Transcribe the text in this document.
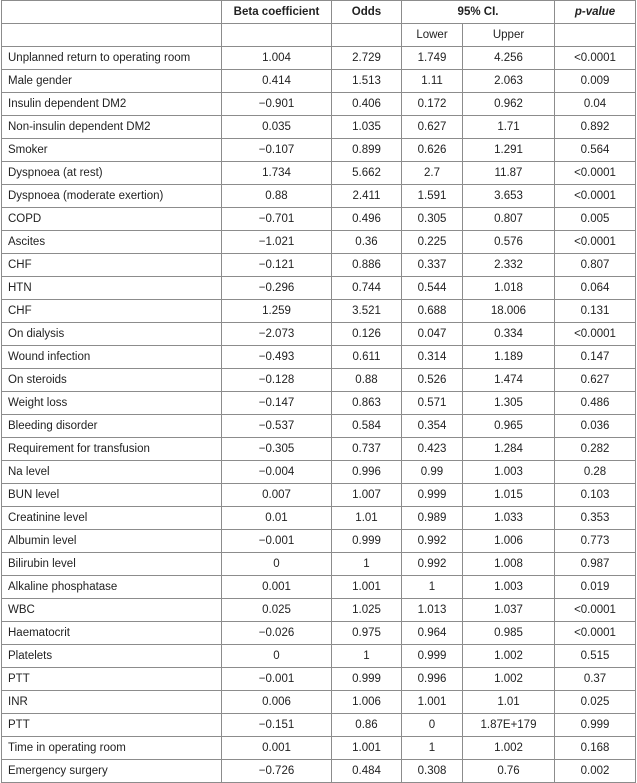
	Beta coefficient	Odds	95% CI.		p-value
			Lower	Upper	
Unplanned return to operating room	1.004	2.729	1.749	4.256	<0.0001
Male gender	0.414	1.513	1.11	2.063	0.009
Insulin dependent DM2	−0.901	0.406	0.172	0.962	0.04
Non-insulin dependent DM2	0.035	1.035	0.627	1.71	0.892
Smoker	−0.107	0.899	0.626	1.291	0.564
Dyspnoea (at rest)	1.734	5.662	2.7	11.87	<0.0001
Dyspnoea (moderate exertion)	0.88	2.411	1.591	3.653	<0.0001
COPD	−0.701	0.496	0.305	0.807	0.005
Ascites	−1.021	0.36	0.225	0.576	<0.0001
CHF	−0.121	0.886	0.337	2.332	0.807
HTN	−0.296	0.744	0.544	1.018	0.064
CHF	1.259	3.521	0.688	18.006	0.131
On dialysis	−2.073	0.126	0.047	0.334	<0.0001
Wound infection	−0.493	0.611	0.314	1.189	0.147
On steroids	−0.128	0.88	0.526	1.474	0.627
Weight loss	−0.147	0.863	0.571	1.305	0.486
Bleeding disorder	−0.537	0.584	0.354	0.965	0.036
Requirement for transfusion	−0.305	0.737	0.423	1.284	0.282
Na level	−0.004	0.996	0.99	1.003	0.28
BUN level	0.007	1.007	0.999	1.015	0.103
Creatinine level	0.01	1.01	0.989	1.033	0.353
Albumin level	−0.001	0.999	0.992	1.006	0.773
Bilirubin level	0	1	0.992	1.008	0.987
Alkaline phosphatase	0.001	1.001	1	1.003	0.019
WBC	0.025	1.025	1.013	1.037	<0.0001
Haematocrit	−0.026	0.975	0.964	0.985	<0.0001
Platelets	0	1	0.999	1.002	0.515
PTT	−0.001	0.999	0.996	1.002	0.37
INR	0.006	1.006	1.001	1.01	0.025
PTT	−0.151	0.86	0	1.87E+179	0.999
Time in operating room	0.001	1.001	1	1.002	0.168
Emergency surgery	−0.726	0.484	0.308	0.76	0.002
